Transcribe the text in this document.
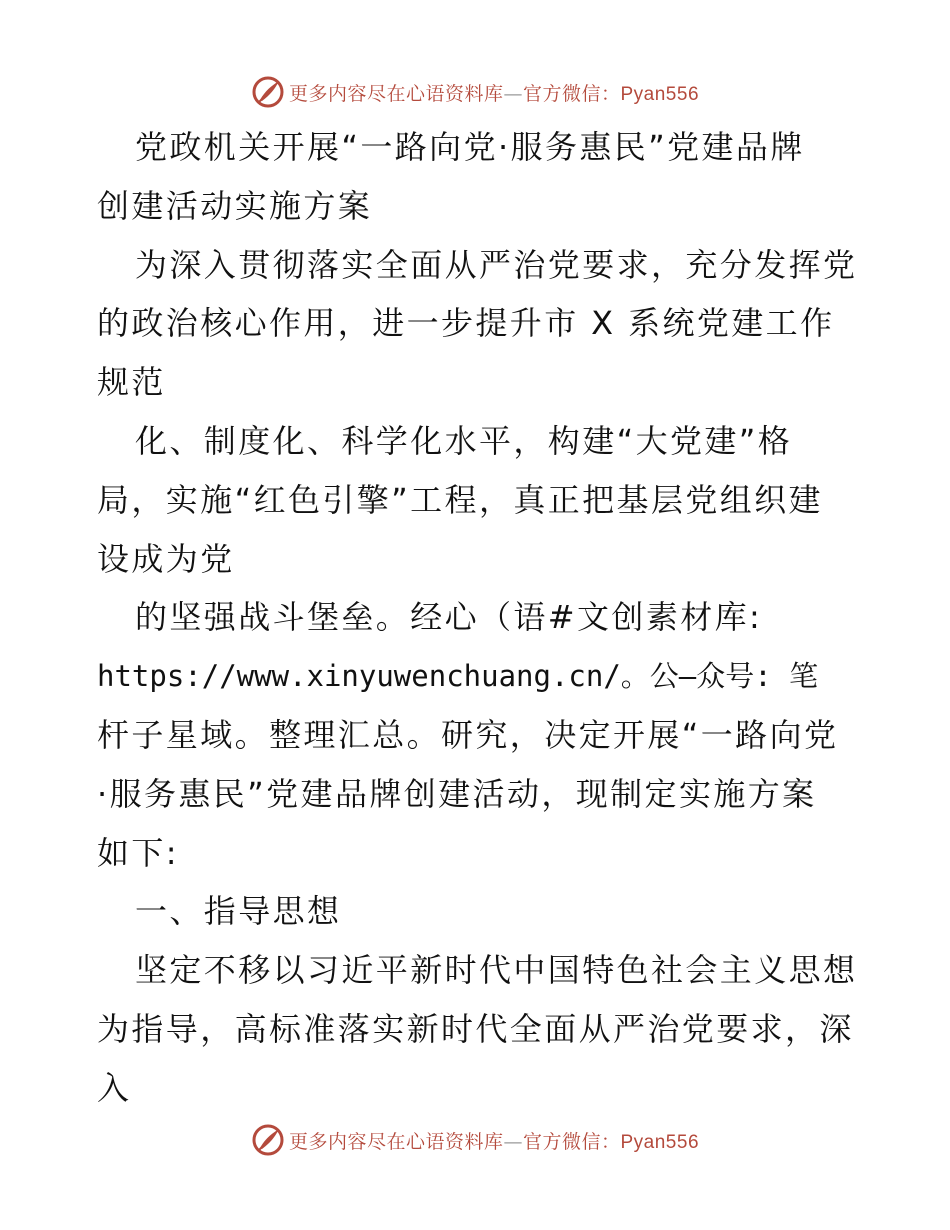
更多内容尽在心语资料库—官方微信：Pyan556

党政机关开展“一路向党·服务惠民”党建品牌

创建活动实施方案

为深入贯彻落实全面从严治党要求，充分发挥党

的政治核心作用，进一步提升市 X 系统党建工作

规范

化、制度化、科学化水平，构建“大党建”格

局，实施“红色引擎”工程，真正把基层党组织建

设成为党

的坚强战斗堡垒。经心（语#文创素材库:

https://www.xinyuwenchuang.cn/。公—众号: 笔

杆子星域。整理汇总。研究，决定开展“一路向党

·服务惠民”党建品牌创建活动，现制定实施方案

如下:

一、指导思想

坚定不移以习近平新时代中国特色社会主义思想

为指导，高标准落实新时代全面从严治党要求，深

入

更多内容尽在心语资料库—官方微信：Pyan556
